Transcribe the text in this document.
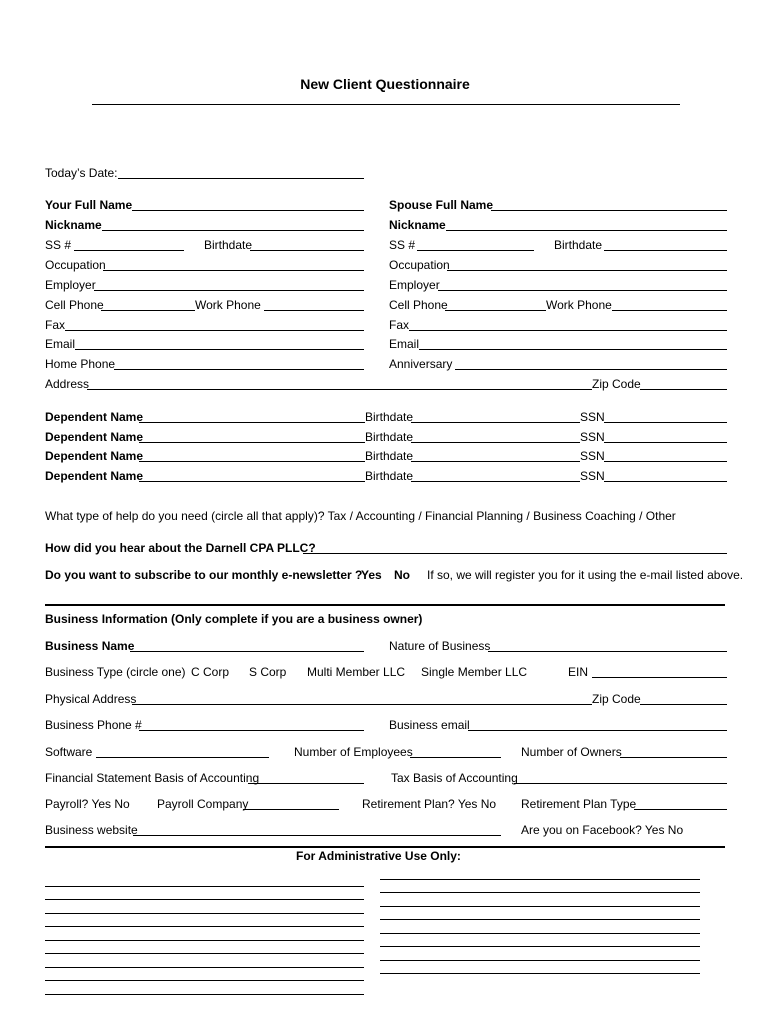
New Client Questionnaire
Today’s Date:
Your Full Name
Nickname
SS #	Birthdate
Occupation
Employer
Cell Phone	Work Phone
Fax
Email
Home Phone
Address	Zip Code
Spouse Full Name
Nickname
SS #	Birthdate
Occupation
Employer
Cell Phone	Work Phone
Fax
Email
Anniversary
Dependent Name	Birthdate	SSN
Dependent Name	Birthdate	SSN
Dependent Name	Birthdate	SSN
Dependent Name	Birthdate	SSN
What type of help do you need (circle all that apply)? Tax / Accounting / Financial Planning / Business Coaching / Other
How did you hear about the Darnell CPA PLLC?
Do you want to subscribe to our monthly e-newsletter ?
Yes No If so, we will register you for it using the e-mail listed above.
Business Information (Only complete if you are a business owner)
Business Name	Nature of Business
Business Type (circle one) C Corp S Corp Multi Member LLC Single Member LLC	EIN
Physical Address	Zip Code
Business Phone #	Business email
Software	Number of Employees	Number of Owners
Financial Statement Basis of Accounting	Tax Basis of Accounting
Payroll? Yes No Payroll Company	Retirement Plan? Yes No Retirement Plan Type
Business website	Are you on Facebook? Yes No
For Administrative Use Only:
